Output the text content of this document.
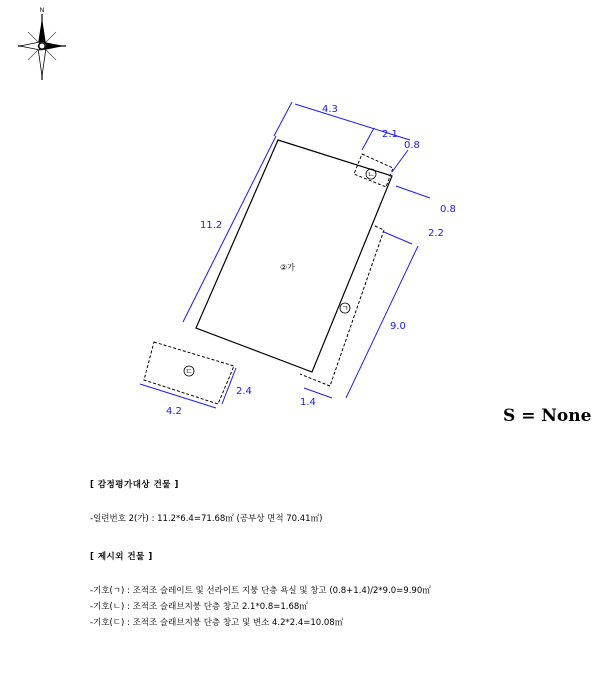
N
4.3
11.2
2.1
0.8
0.8
2.2
9.0
1.4
2.4
4.2
②가
ㄴ
ㄱ
ㄷ
S = None
[ 감정평가대상 건물 ]
-일련번호 2(가) : 11.2*6.4=71.68㎡ (공부상 면적 70.41㎡)
[ 제시외 건물 ]
-기호(ㄱ) : 조적조 슬레이트 및 선라이트 지붕 단층 욕실 및 창고 (0.8+1.4)/2*9.0=9.90㎡
-기호(ㄴ) : 조적조 슬래브지붕 단층 창고 2.1*0.8=1.68㎡
-기호(ㄷ) : 조적조 슬래브지붕 단층 창고 및 변소 4.2*2.4=10.08㎡
